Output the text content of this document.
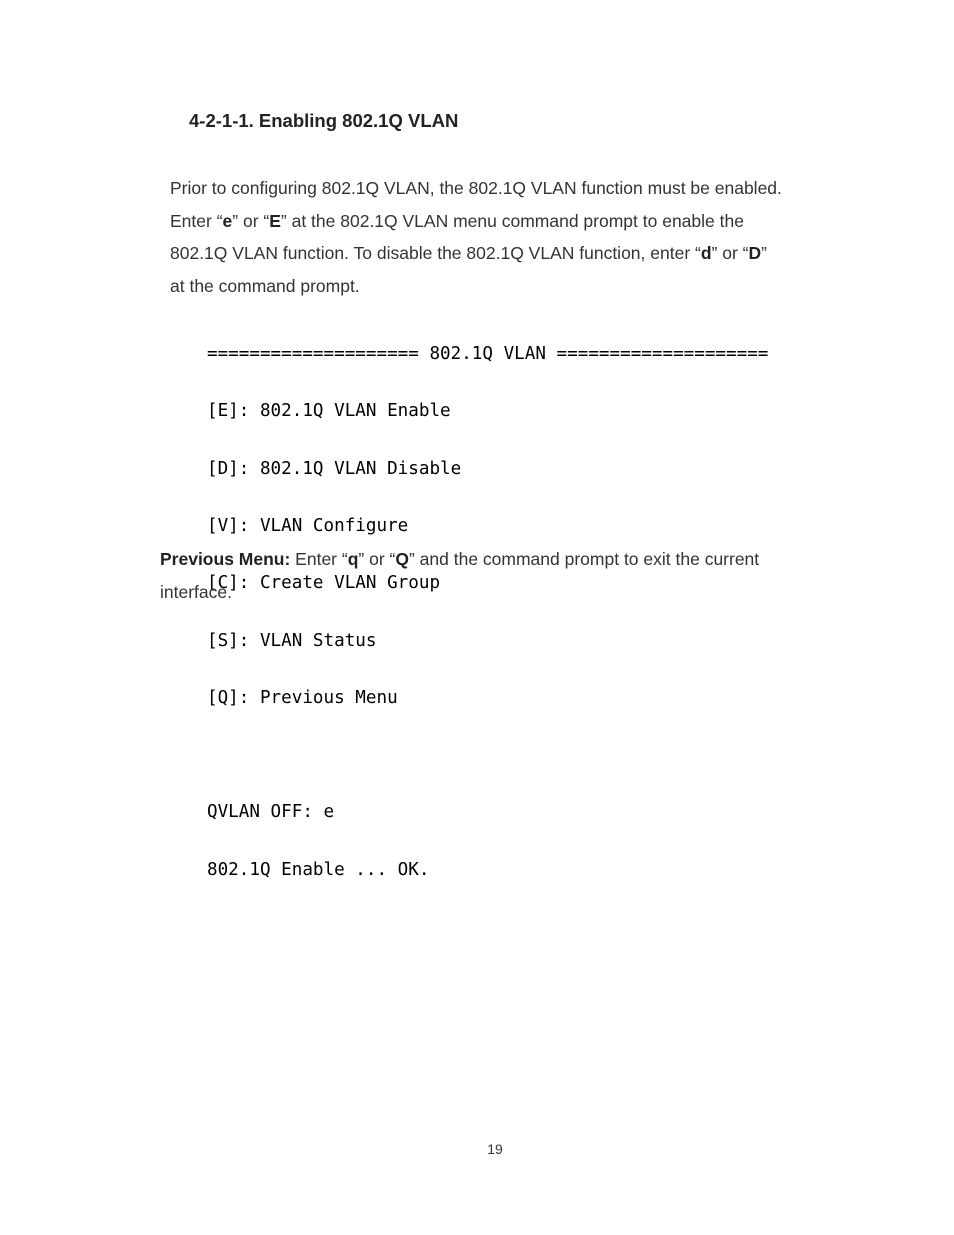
4-2-1-1. Enabling 802.1Q VLAN

Prior to configuring 802.1Q VLAN, the 802.1Q VLAN function must be enabled.

Enter “e” or “E” at the 802.1Q VLAN menu command prompt to enable the

802.1Q VLAN function. To disable the 802.1Q VLAN function, enter “d” or “D”

at the command prompt.

==================== 802.1Q VLAN ====================

[E]: 802.1Q VLAN Enable

[D]: 802.1Q VLAN Disable

[V]: VLAN Configure

[C]: Create VLAN Group

[S]: VLAN Status

[Q]: Previous Menu

QVLAN OFF: e

802.1Q Enable ... OK.

Previous Menu: Enter “q” or “Q” and the command prompt to exit the current

interface.

19
